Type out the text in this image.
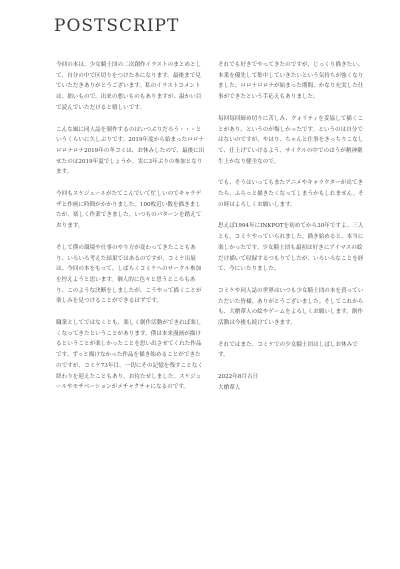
POSTSCRIPT

今回の本は、少女騎士団の二次創作イラストのまとめとして、自分の中で区切りをつけた本になります。最後まで見ていただきありがとうございます。私のイラストコメントは、拙いもので、出来の悪いものもありますが、温かい目で読んでいただけると嬉しいです。

こんな風に同人誌を制作するのはいつぶりだろう・・・というくらいに久しぶりです。2019年度から始まったロロナロロナロナ2019年の冬コミは、お休みしたので、最後に出せたのは2019年夏でしょうか。実に3年ぶりの参加となります。

今回もスケジュールがたてこんでいて忙しいのでキャラデザと作画に時間がかかりました。100枚近い数を描きましたが、楽しく作業できました。いつものパターンを踏えております。

そして僕の環境や仕事のやり方が変わってきたこともあり、いろいろ考えた結果ではあるのですが、コミケ出展は、今回の本をもって、しばらくコミケへのサークル参加を控えようと思います。個人的に色々と思うところもあり、このような決断をしましたが、こうやって描くことが楽しみを見つけることができるはずです。

職業としてではなくとも、楽しく創作活動ができれば楽しくなってきたということがあります。僕は本来漫画が描けるということが楽しかったことを思い出させてくれた作品です。ずっと描けなかった作品を描き始めることができたのですが、コミケ73年目、一切にその記憶を残すことなく終わりを迎えたこともあり、お待たせしました。スケジュールやモチベーションがメチャクチャになるのです。

それでも好きでやってきたのですが、じっくり描きたい、本業を優先して集中していきたいという気持ちが強くなりました。ロロナロロナが始まった期間、かなり充実した仕事ができたという手応えもありました。

毎回毎回締め切りに苦しみ、クォリティを妥協して描くことがあり、というのが悔しかったです。というのは自分ではないのですが、やはり、ちゃんと仕事をきっちりこなして、仕上げていけるよう、サイクルの中でのほうが精神衛生上かなり健全なので。

でも、そうはいってもまたアニメやキャラクターが出てきたら、ふらっと描きたくなってしまうかもしれません。その時はよろしくお願いします。

思えば1994年にINKPOTを初めてから30年ですよ。三人とも、コミケやっていられました。描き始めると、本当に楽しかったです。少女騎士団も最初は好きにアイマスの絵だけ描いて収録するつもりでしたが、いろいろなことを経て、今にいたりました。

コミケや同人誌の世界はいつも少女騎士団の本を買っていただいた皆様、ありがとうございました。そしてこれからも、大槍葦人の絵やゲームをよろしくお願いします。創作活動は今後も続けていきます。

それではまた、コミケでの少女騎士団はしばしお休みです。

2022年8月吉日

大槍葦人
